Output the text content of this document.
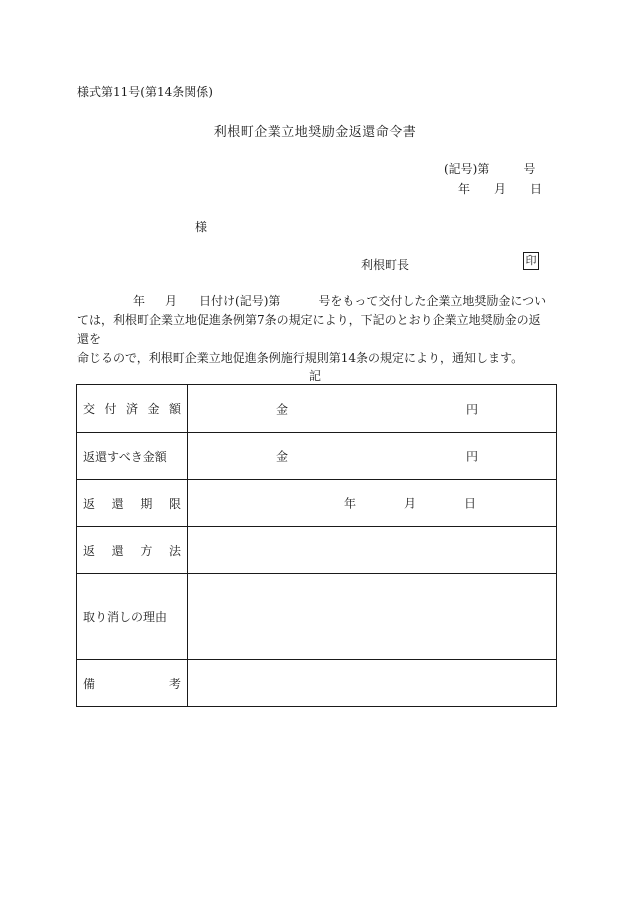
様式第11号(第14条関係)
利根町企業立地奨励金返還命令書
(記号)第	号
年 月 日
様
利根町長	印
年 月 日付け(記号)第	号をもって交付した企業立地奨励金につい
ては，利根町企業立地促進条例第7条の規定により，下記のとおり企業立地奨励金の返還を
命じるので，利根町企業立地促進条例施行規則第14条の規定により，通知します。
記
交 付 済 金 額	金 円

返還すべき金額	金 円

返 還 期 限	年 月 日

返 還 方 法	

取り消しの理由	

備 考	
